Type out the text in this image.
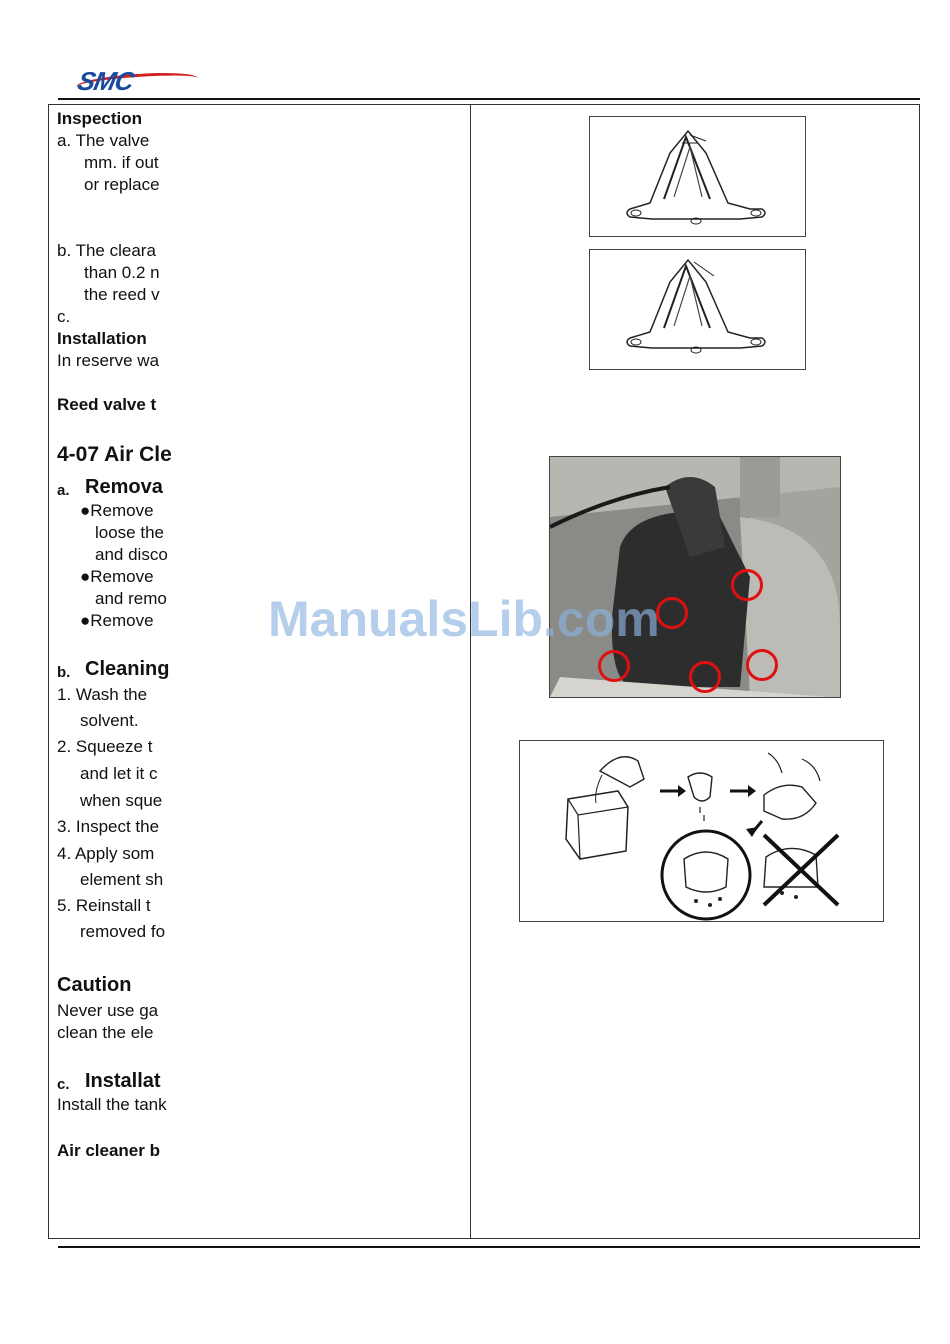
SMC
Inspection
a. The valve
mm. if out
or replace
b. The cleara
than 0.2 n
the reed v
c.
Installation
In reserve wa
Reed valve t
4-07 Air Cle
a. Remova
●Remove
loose the
and disco
●Remove
and remo
●Remove
b. Cleaning
1. Wash the
solvent.
2. Squeeze t
and let it c
when sque
3. Inspect the
4. Apply som
element sh
5. Reinstall t
removed fo
Caution
Never use ga
clean the ele
c. Installat
Install the tank
Air cleaner b
ManualsLib.com
